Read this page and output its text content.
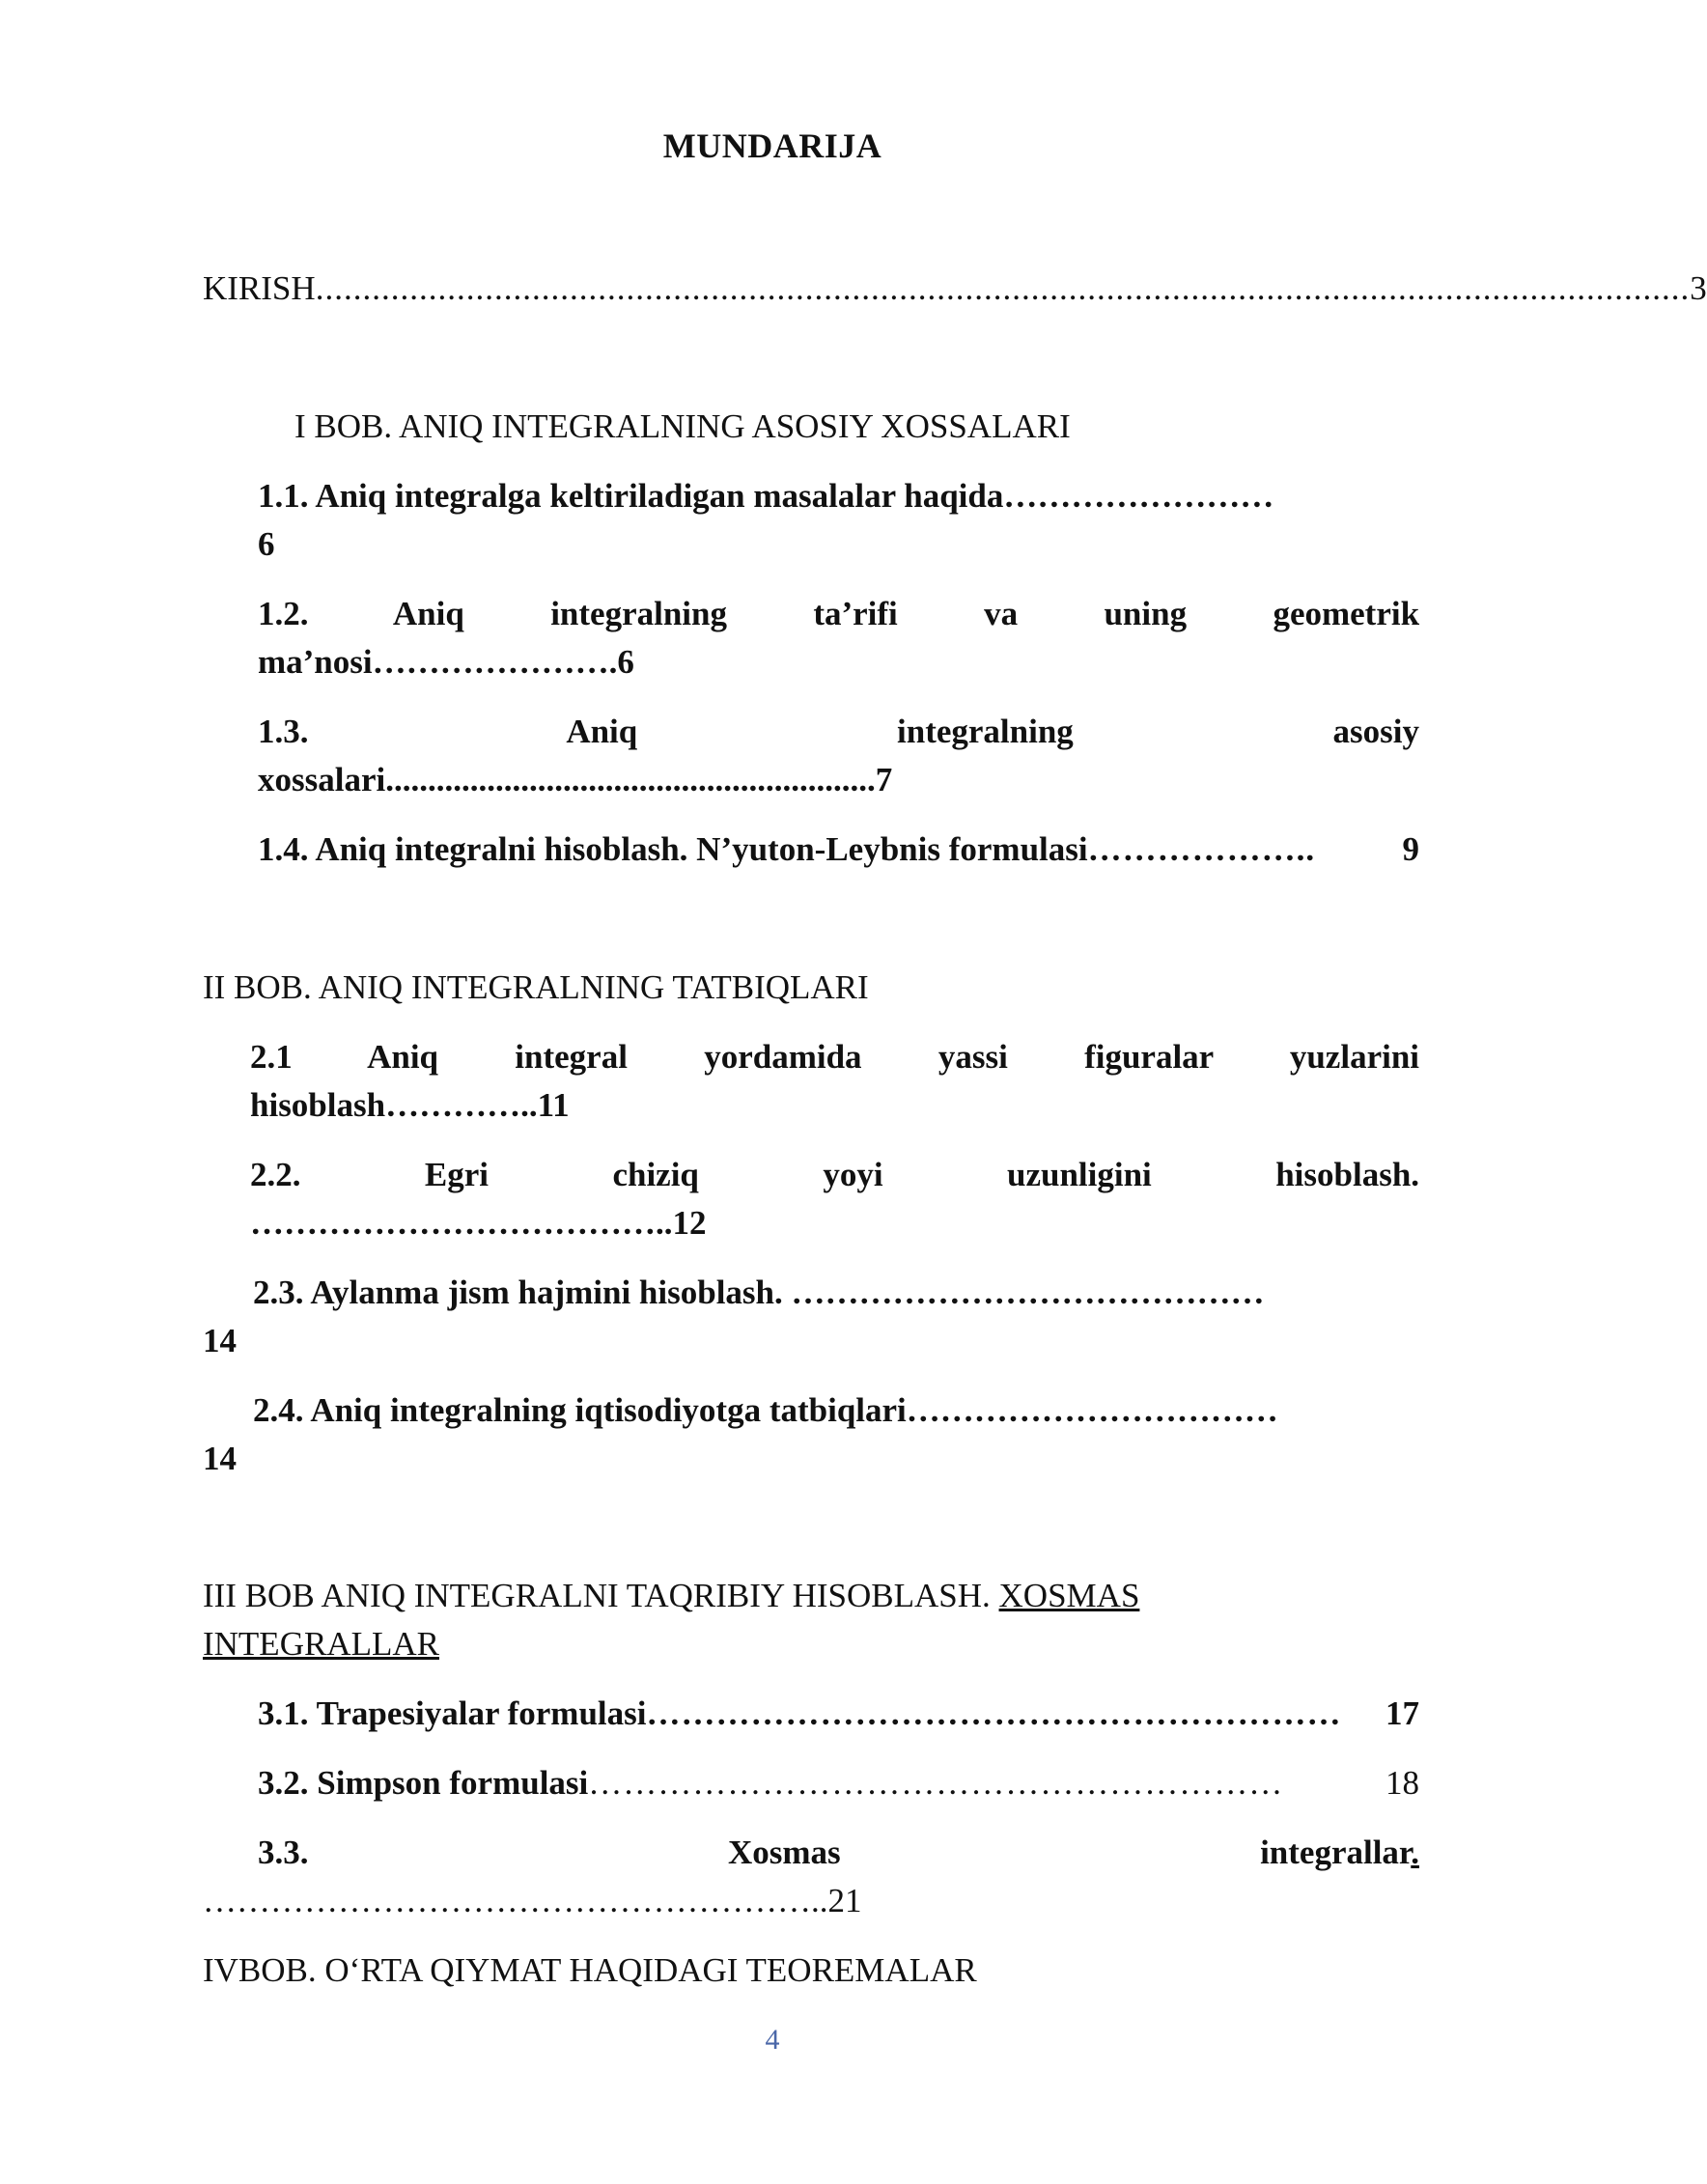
MUNDARIJA
KIRISH .................................................................................................................................................. 3
I BOB. ANIQ INTEGRALNING ASOSIY XOSSALARI
1.1. Aniq integralga keltiriladigan masalalar haqida……………………
6
1.2. Aniq	integralning	ta’rifi	va	uning	geometrik
ma’nosi………………….6
1.3.	Aniq	integralning	asosiy
xossalari..........................................................7
1.4. Aniq integralni hisoblash. N’yuton-Leybnis formulasi ………………..	9
II BOB. ANIQ INTEGRALNING TATBIQLARI
2.1 Aniq integral yordamida yassi figuralar yuzlarini
hisoblash…………..11
2.2.	Egri	chiziq	yoyi	uzunligini	hisoblash.
………………………………..12
2.3. Aylanma jism hajmini hisoblash. ……………………………………
14
2.4. Aniq integralning iqtisodiyotga tatbiqlari……………………………
14
III BOB ANIQ INTEGRALNI TAQRIBIY HISOBLASH. XOSMAS
INTEGRALLAR
3.1. Trapesiyalar formulasi ……………………………………………………	17
3.2. Simpson formulasi ……………………………………………………	18
3.3.	Xosmas	integrallar.
………………………………………………..21
IVBOB. O‘RTA QIYMAT HAQIDAGI TEOREMALAR
4
